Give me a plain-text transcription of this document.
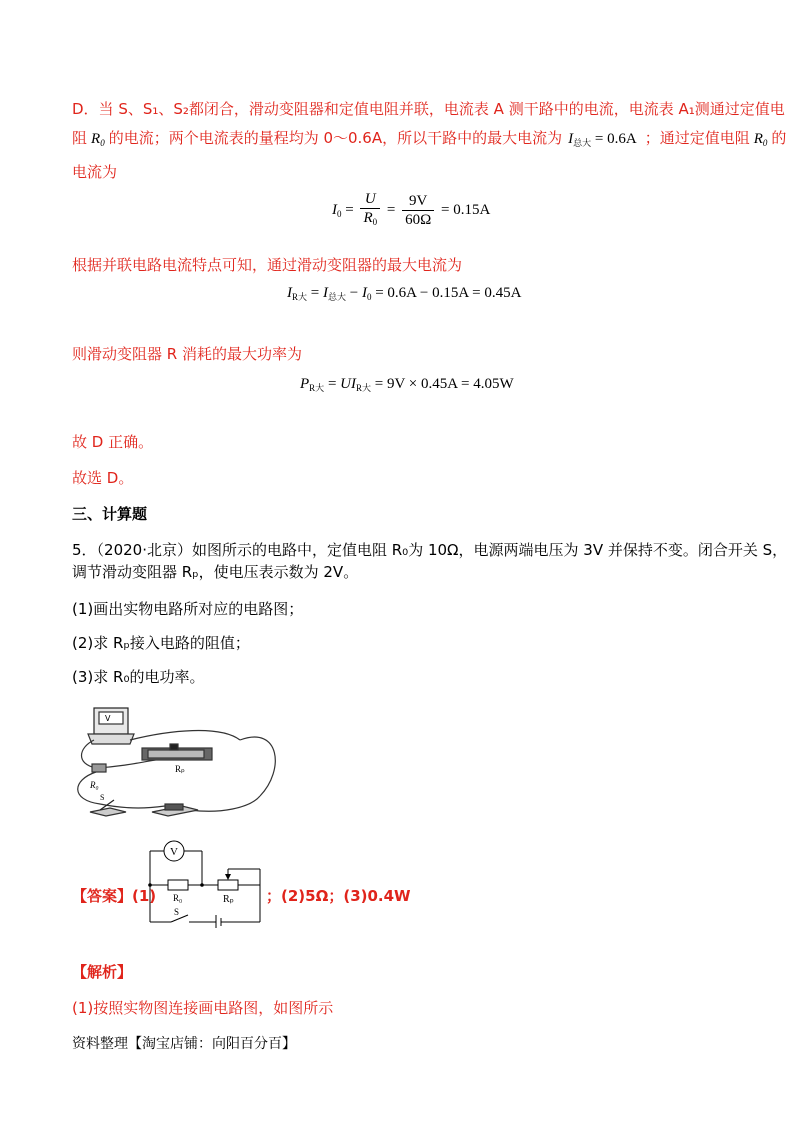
D．当 S、S₁、S₂都闭合，滑动变阻器和定值电阻并联，电流表 A 测干路中的电流，电流表 A₁测通过定值电
阻 $R_0$ 的电流；两个电流表的量程均为 0～0.6A，所以干路中的最大电流为 $I_{总大} = 0.6A$ ；通过定值电阻 $R_0$ 的
电流为
$I_0 = \frac{U}{R_0} = \frac{9V}{60\Omega} = 0.15A$
根据并联电路电流特点可知，通过滑动变阻器的最大电流为
$I_{R大} = I_{总大} - I_0 = 0.6A - 0.15A = 0.45A$
则滑动变阻器 R 消耗的最大功率为
$P_{R大} = UI_{R大} = 9V \times 0.45A = 4.05W$
故 D 正确。
故选 D。
三、计算题
5．（2020·北京）如图所示的电路中，定值电阻 R₀为 10Ω，电源两端电压为 3V 并保持不变。闭合开关 S，
调节滑动变阻器 Rₚ，使电压表示数为 2V。
(1)画出实物电路所对应的电路图；
(2)求 Rₚ接入电路的阻值；
(3)求 R₀的电功率。
V
Rₚ
R₀
S
【答案】(1)
V
R₀	Rₚ
S
；(2)5Ω；(3)0.4W
【解析】
(1)按照实物图连接画电路图，如图所示
资料整理【淘宝店铺：向阳百分百】
